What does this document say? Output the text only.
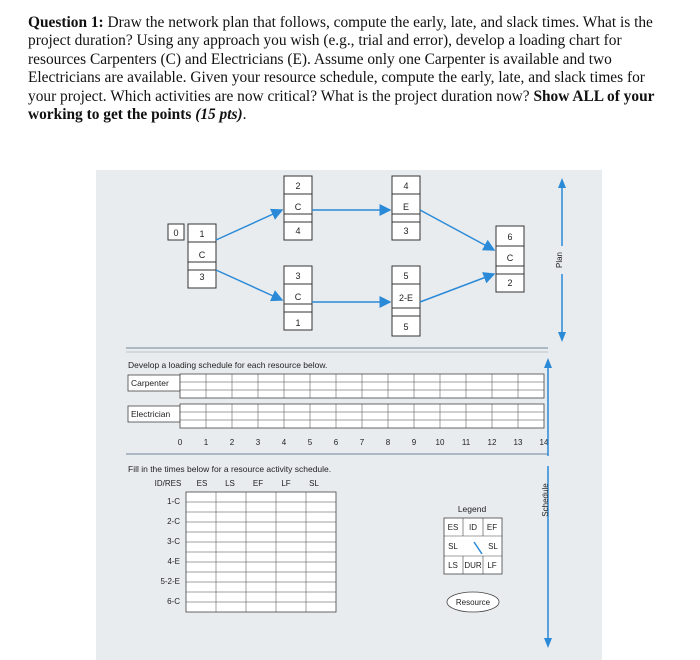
Question 1: Draw the network plan that follows, compute the early, late, and slack times. What is the project duration? Using any approach you wish (e.g., trial and error), develop a loading chart for resources Carpenters (C) and Electricians (E). Assume only one Carpenter is available and two Electricians are available. Given your resource schedule, compute the early, late, and slack times for your project. Which activities are now critical? What is the project duration now? Show ALL of your working to get the points (15 pts).
0 1
C
3
2
C
4
3
C
1
4
E
3
5
2-E
5
6
C
2
Plan
Develop a loading schedule for each resource below.
Carpenter
Electrician
0	1	2	3	4	5	6	7	8	9 10 11 12 13 14
Fill in the times below for a resource activity schedule.
ID/RES ES LS EF LF SL
1-C
2-C
3-C
4-E
5-2-E
6-C
Legend
ES ID EF
SL	SL
LS DUR LF
Resource
Schedule
